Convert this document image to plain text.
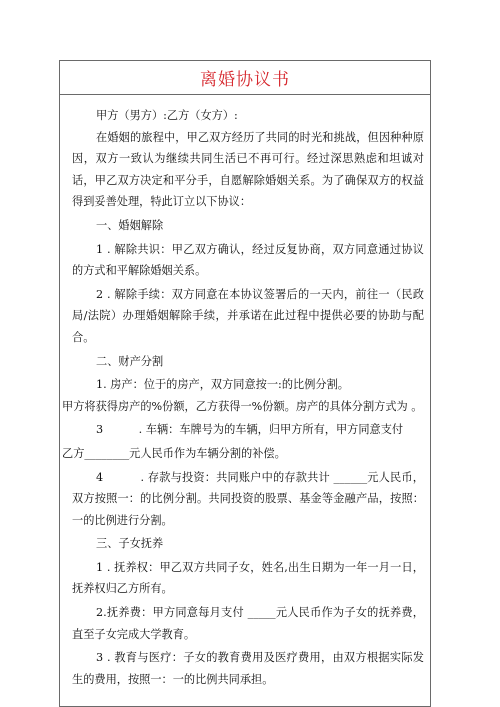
离婚协议书

甲方（男方）:乙方（女方）:

在婚姻的旅程中，甲乙双方经历了共同的时光和挑战，但因种种原因，双方一致认为继续共同生活已不再可行。经过深思熟虑和坦诚对话，甲乙双方决定和平分手，自愿解除婚姻关系。为了确保双方的权益得到妥善处理，特此订立以下协议：

一、婚姻解除

1 . 解除共识：甲乙双方确认，经过反复协商，双方同意通过协议的方式和平解除婚姻关系。

2 . 解除手续：双方同意在本协议签署后的一天内，前往一（民政局/法院）办理婚姻解除手续，并承诺在此过程中提供必要的协助与配合。

二、财产分割

1. 房产：位于的房产，双方同意按一:的比例分割。

甲方将获得房产的%份额，乙方获得一%份额。房产的具体分割方式为 。

3          . 车辆：车牌号为的车辆，归甲方所有，甲方同意支付

乙方________元人民币作为车辆分割的补偿。

4          . 存款与投资：共同账户中的存款共计 ______元人民币，双方按照一：的比例分割。共同投资的股票、基金等金融产品，按照：一的比例进行分割。

三、子女抚养

1 . 抚养权：甲乙双方共同子女，姓名,出生日期为一年一月一日，抚养权归乙方所有。

2.抚养费：甲方同意每月支付 _____元人民币作为子女的抚养费，直至子女完成大学教育。

3 . 教育与医疗：子女的教育费用及医疗费用，由双方根据实际发生的费用，按照一：一的比例共同承担。
